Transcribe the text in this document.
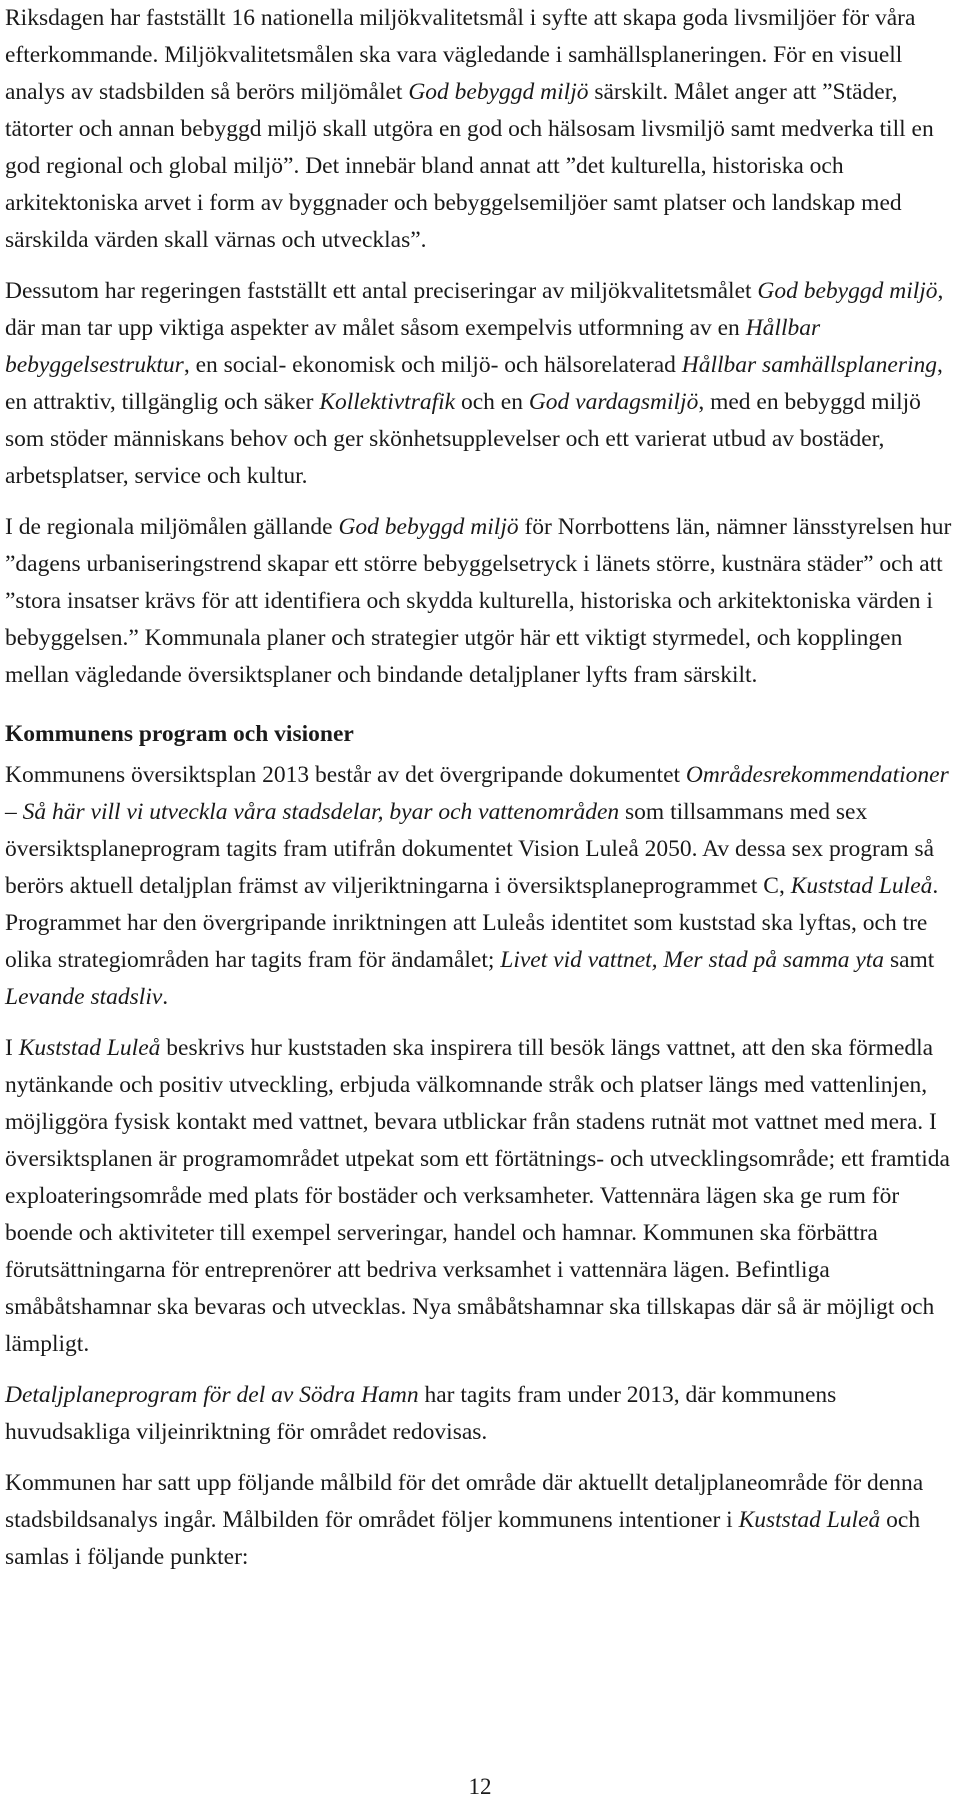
Riksdagen har fastställt 16 nationella miljökvalitetsmål i syfte att skapa goda livsmiljöer för våra efterkommande. Miljökvalitetsmålen ska vara vägledande i samhällsplaneringen. För en visuell analys av stadsbilden så berörs miljömålet God bebyggd miljö särskilt. Målet anger att ”Städer, tätorter och annan bebyggd miljö skall utgöra en god och hälsosam livsmiljö samt medverka till en god regional och global miljö”. Det innebär bland annat att ”det kulturella, historiska och arkitektoniska arvet i form av byggnader och bebyggelsemiljöer samt platser och landskap med särskilda värden skall värnas och utvecklas”.

Dessutom har regeringen fastställt ett antal preciseringar av miljökvalitetsmålet God bebyggd miljö, där man tar upp viktiga aspekter av målet såsom exempelvis utformning av en Hållbar bebyggelsestruktur, en social- ekonomisk och miljö- och hälsorelaterad Hållbar samhällsplanering, en attraktiv, tillgänglig och säker Kollektivtrafik och en God vardagsmiljö, med en bebyggd miljö som stöder människans behov och ger skönhetsupplevelser och ett varierat utbud av bostäder, arbetsplatser, service och kultur.

I de regionala miljömålen gällande God bebyggd miljö för Norrbottens län, nämner länsstyrelsen hur ”dagens urbaniseringstrend skapar ett större bebyggelsetryck i länets större, kustnära städer” och att ”stora insatser krävs för att identifiera och skydda kulturella, historiska och arkitektoniska värden i bebyggelsen.” Kommunala planer och strategier utgör här ett viktigt styrmedel, och kopplingen mellan vägledande översiktsplaner och bindande detaljplaner lyfts fram särskilt.

Kommunens program och visioner

Kommunens översiktsplan 2013 består av det övergripande dokumentet Områdesrekommendationer – Så här vill vi utveckla våra stadsdelar, byar och vattenområden som tillsammans med sex översiktsplaneprogram tagits fram utifrån dokumentet Vision Luleå 2050. Av dessa sex program så berörs aktuell detaljplan främst av viljeriktningarna i översiktsplaneprogrammet C, Kuststad Luleå. Programmet har den övergripande inriktningen att Luleås identitet som kuststad ska lyftas, och tre olika strategiområden har tagits fram för ändamålet; Livet vid vattnet, Mer stad på samma yta samt Levande stadsliv.

I Kuststad Luleå beskrivs hur kuststaden ska inspirera till besök längs vattnet, att den ska förmedla nytänkande och positiv utveckling, erbjuda välkomnande stråk och platser längs med vattenlinjen, möjliggöra fysisk kontakt med vattnet, bevara utblickar från stadens rutnät mot vattnet med mera. I översiktsplanen är programområdet utpekat som ett förtätnings- och utvecklingsområde; ett framtida exploateringsområde med plats för bostäder och verksamheter. Vattennära lägen ska ge rum för boende och aktiviteter till exempel serveringar, handel och hamnar. Kommunen ska förbättra förutsättningarna för entreprenörer att bedriva verksamhet i vattennära lägen. Befintliga småbåtshamnar ska bevaras och utvecklas. Nya småbåtshamnar ska tillskapas där så är möjligt och lämpligt.

Detaljplaneprogram för del av Södra Hamn har tagits fram under 2013, där kommunens huvudsakliga viljeinriktning för området redovisas.

Kommunen har satt upp följande målbild för det område där aktuellt detaljplaneområde för denna stadsbildsanalys ingår. Målbilden för området följer kommunens intentioner i Kuststad Luleå och samlas i följande punkter:

12
